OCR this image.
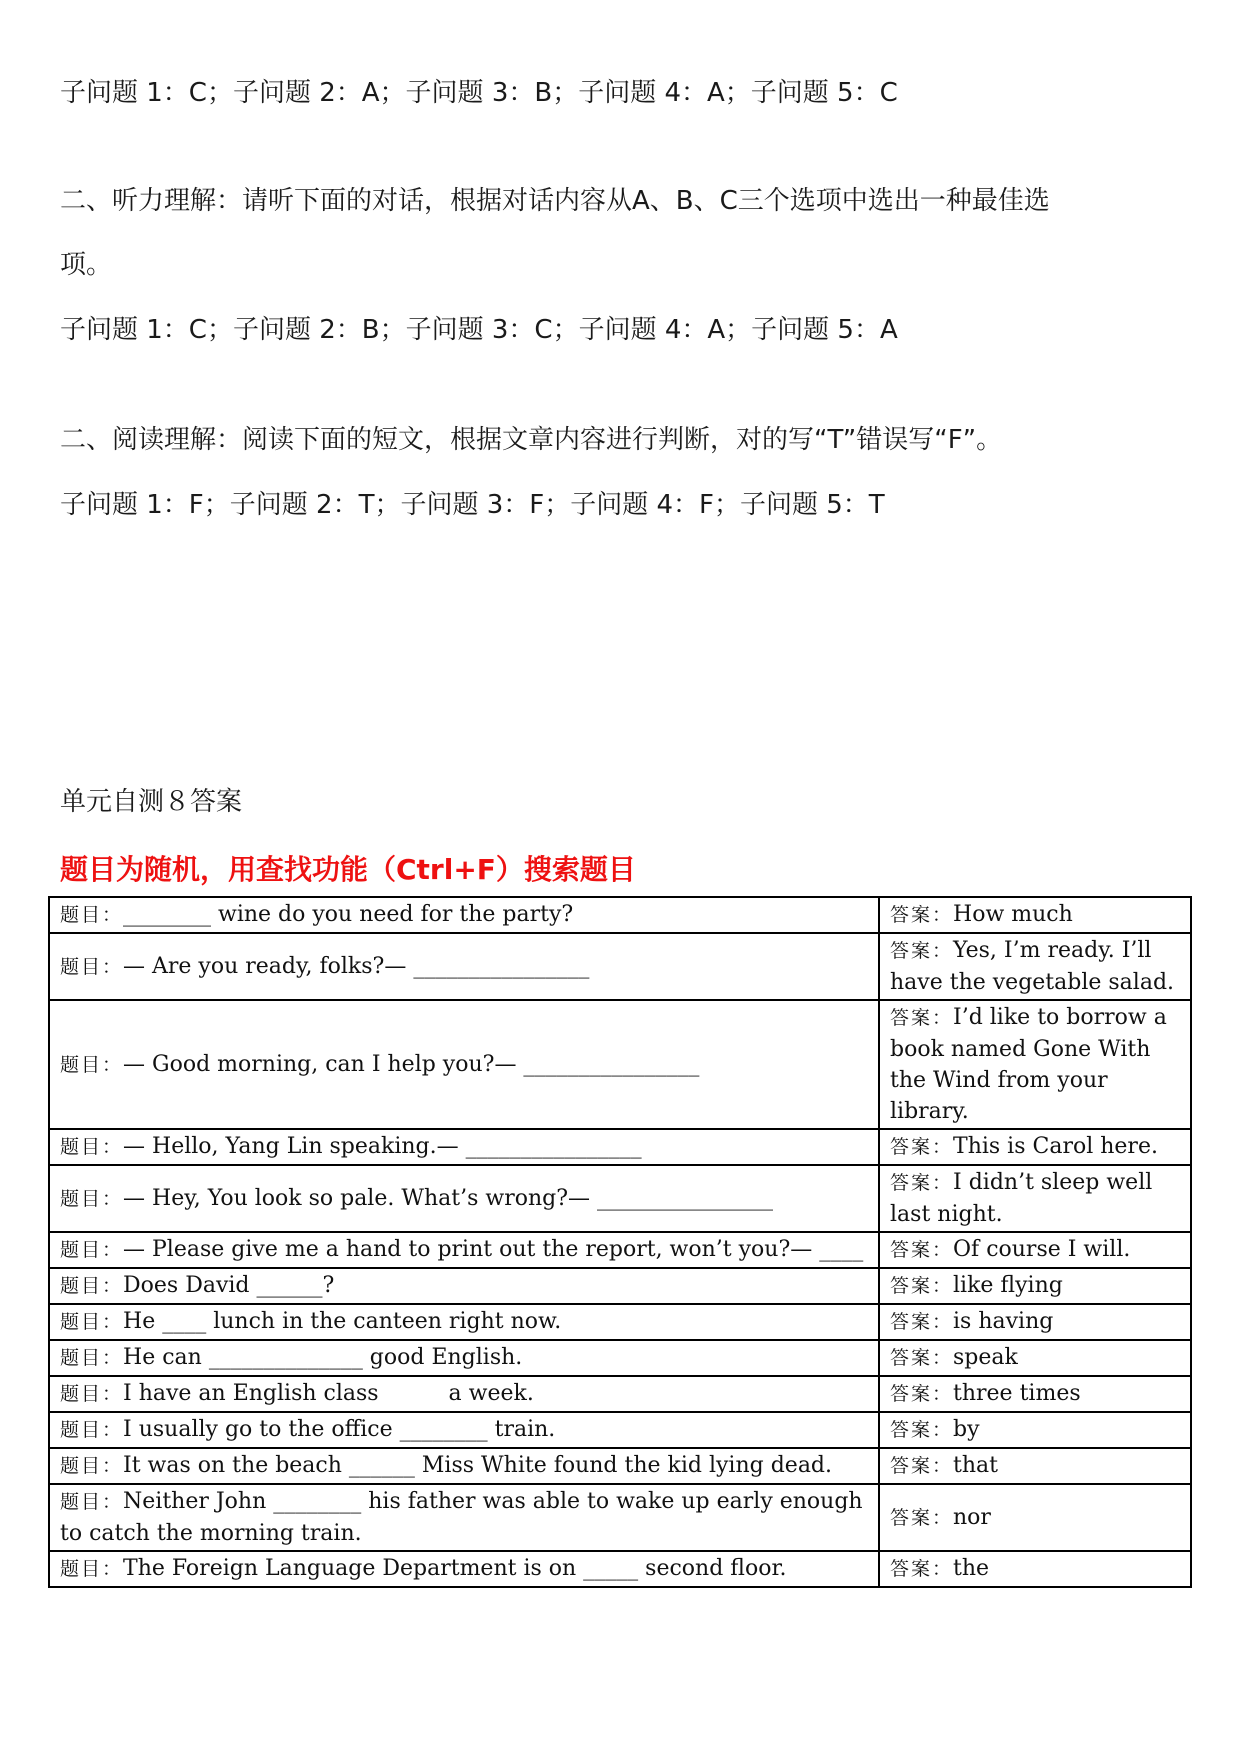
子问题 1：C；子问题 2：A；子问题 3：B；子问题 4：A；子问题 5：C
二、听力理解：请听下面的对话，根据对话内容从A、B、C三个选项中选出一种最佳选
项。
子问题 1：C；子问题 2：B；子问题 3：C；子问题 4：A；子问题 5：A
二、阅读理解：阅读下面的短文，根据文章内容进行判断，对的写“T”错误写“F”。
子问题 1：F；子问题 2：T；子问题 3：F；子问题 4：F；子问题 5：T
单元自测８答案
题目为随机，用查找功能（Ctrl+F）搜索题目
题目：________ wine do you need for the party?	答案：How much
题目：— Are you ready, folks?— ________________	答案：Yes, I’m ready. I’ll have the vegetable salad.
题目：— Good morning, can I help you?— ________________	答案：I’d like to borrow a book named Gone With the Wind from your library.
题目：— Hello, Yang Lin speaking.— ________________	答案：This is Carol here.
题目：— Hey, You look so pale. What’s wrong?— ________________	答案：I didn’t sleep well last night.
题目：— Please give me a hand to print out the report, won’t you?— ____	答案：Of course I will.
题目：Does David ______?	答案：like flying
题目：He ____ lunch in the canteen right now.	答案：is having
题目：He can ______________ good English.	答案：speak
题目：I have an English class          a week.	答案：three times
题目：I usually go to the office ________ train.	答案：by
题目：It was on the beach ______ Miss White found the kid lying dead.	答案：that
题目：Neither John ________ his father was able to wake up early enough to catch the morning train.	答案：nor
题目：The Foreign Language Department is on _____ second floor.	答案：the
